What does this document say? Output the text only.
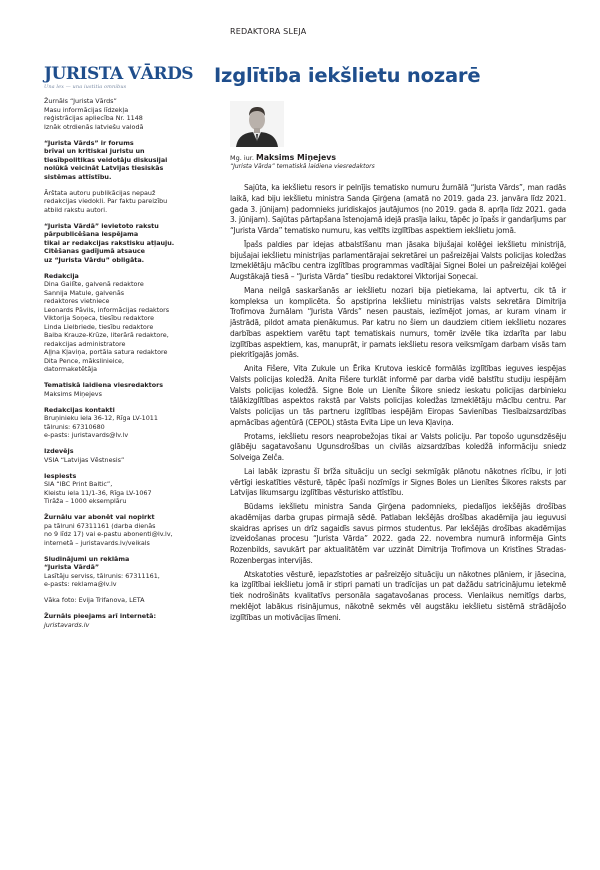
REDAKTORA SLEJA
JURISTA VĀRDS
Una lex — una iustitia omnibus
Žurnāls “Jurista Vārds”
Masu informācijas līdzekļa
reģistrācijas apliecība Nr. 1148
Iznāk otrdienās latviešu valodā
“Jurista Vārds” ir forums
brīvai un kritiskai juristu un
tiesībpolitikas veidotāju diskusijai
nolūkā veicināt Latvijas tiesiskās
sistēmas attīstību.
Ārštata autoru publikācijas nepauž
redakcijas viedokli. Par faktu pareizību
atbild rakstu autori.
“Jurista Vārdā” ievietoto rakstu
pārpublicēšana iespējama
tikai ar redakcijas rakstisku atļauju.
Citēšanas gadījumā atsauce
uz “Jurista Vārdu” obligāta.
Redakcija
Dina Gailīte, galvenā redaktore
Sannija Matule, galvenās
redaktores vietniece
Leonards Pāvils, informācijas redaktors
Viktorija Soņeca, tiesību redaktore
Linda Lielbriede, tiesību redaktore
Baiba Krauze-Krūze, literārā redaktore,
redakcijas administratore
Aļļna Kļaviņa, portāla satura redaktore
Dita Pence, mākslinieice,
datormaketētāja
Tematiskā laidiena viesredaktors
Maksims Miņejevs
Redakcijas kontakti
Bruņinieku iela 36-12, Rīga LV-1011
tālrunis: 67310680
e-pasts: juristavards@lv.lv
Izdevējs
VSIA “Latvijas Vēstnesis”
Iespiests
SIA “IBC Print Baltic”,
Kleistu iela 11/1-36, Rīga LV-1067
Tirāža – 1000 eksemplāru
Žurnālu var abonēt vai nopirkt
pa tālruni 67311161 (darba dienās
no 9 līdz 17) vai e-pastu abonenti@lv.lv,
internetā – juristavards.lv/veikals
Sludinājumi un reklāma
“Jurista Vārdā”
Lasītāju serviss, tālrunis: 67311161,
e-pasts: reklama@lv.lv
Vāka foto: Evija Trifanova, LETA
Žurnāls pieejams arī internetā:
juristavards.lv
Izglītība iekšlietu nozarē
Mg. iur. Maksims Miņejevs
“Jurista Vārda” tematiskā laidiena viesredaktors

Sajūta, ka iekšlietu resors ir pelnījis tematisko numuru žurnālā “Jurista Vārds”, man radās laikā, kad biju iekšlietu ministra Sanda Ģirģena (amatā no 2019. gada 23. janvāra līdz 2021. gada 3. jūnijam) padomnieks juridiskajos jautājumos (no 2019. gada 8. aprīļa līdz 2021. gada 3. jūnijam). Sajūtas pārtapšana īstenojamā idejā prasīja laiku, tāpēc jo īpašs ir gandarījums par “Jurista Vārda” tematisko numuru, kas veltīts izglītības aspektiem iekšlietu jomā.

Īpašs paldies par idejas atbalstīšanu man jāsaka bijušajai kolēģei iekšlietu ministrijā, bijušajai iekšlietu ministrijas parlamentārajai sekretārei un pašreizējai Valsts policijas koledžas Izmeklētāju mācību centra izglītības programmas vadītājai Signei Bolei un pašreizējai kolēģei Augstākajā tiesā – “Jurista Vārda” tiesību redaktorei Viktorijai Soņecai.

Mana neilgā saskaršanās ar iekšlietu nozari bija pietiekama, lai aptvertu, cik tā ir kompleksa un komplicēta. Šo apstiprina Iekšlietu ministrijas valsts sekretāra Dimitrija Trofimova žurnālam “Jurista Vārds” nesen paustais, iezīmējot jomas, ar kuram vinam ir jāstrādā, pildot amata pienākumus. Par katru no šiem un daudziem citiem iekšlietu nozares darbības aspektiem varētu tapt tematiskais numurs, tomēr izvēle tika izdarīta par labu izglītības aspektiem, kas, manuprāt, ir pamats iekšlietu resora veiksmīgam darbam visās tam piekritīgajās jomās.

Anita Fišere, Vita Zukule un Ērika Krutova ieskicē formālās izglītības ieguves iespējas Valsts policijas koledžā. Anita Fišere turklāt informē par darba vidē balstītu studiju iespējām Valsts policijas koledžā. Signe Bole un Lienīte Šikore sniedz ieskatu policijas darbinieku tālākizglītības aspektos rakstā par Valsts policijas koledžas Izmeklētāju mācību centru. Par Valsts policijas un tās partneru izglītības iespējām Eiropas Savienības Tiesībaizsardzības apmācības aģentūrā (CEPOL) stāsta Evita Lipe un Ieva Kļaviņa.

Protams, iekšlietu resors neaprobežojas tikai ar Valsts policiju. Par topošo ugunsdzēsēju glābēju sagatavošanu Ugunsdrošības un civilās aizsardzības koledžā informāciju sniedz Solveiga Zelča.

Lai labāk izprastu šī brīža situāciju un secīgi sekmīgāk plānotu nākotnes rīcību, ir ļoti vērtīgi ieskatīties vēsturē, tāpēc īpaši nozīmīgs ir Signes Boles un Lienītes Šikores raksts par Latvijas likumsargu izglītības vēsturisko attīstību.

Būdams iekšlietu ministra Sanda Ģirģena padomnieks, piedalījos iekšējās drošības akadēmijas darba grupas pirmajā sēdē. Patlaban Iekšējās drošības akadēmija jau ieguvusi skaidras aprises un drīz sagaidīs savus pirmos studentus. Par Iekšējās drošības akadēmijas izveidošanas procesu “Jurista Vārda” 2022. gada 22. novembra numurā informēja Gints Rozenbilds, savukārt par aktualitātēm var uzzināt Dimitrija Trofimova un Kristīnes Stradas-Rozenbergas intervijās.

Atskatoties vēsturē, iepazīstoties ar pašreizējo situāciju un nākotnes plāniem, ir jāsecina, ka izglītībai iekšlietu jomā ir stipri pamati un tradīcijas un pat dažādu satricinājumu ietekmē tiek nodrošināts kvalitatīvs personāla sagatavošanas process. Vienlaikus nemitīgs darbs, meklējot labākus risinājumus, nākotnē sekmēs vēl augstāku iekšlietu sistēmā strādājošo izglītības un motivācijas līmeni.
